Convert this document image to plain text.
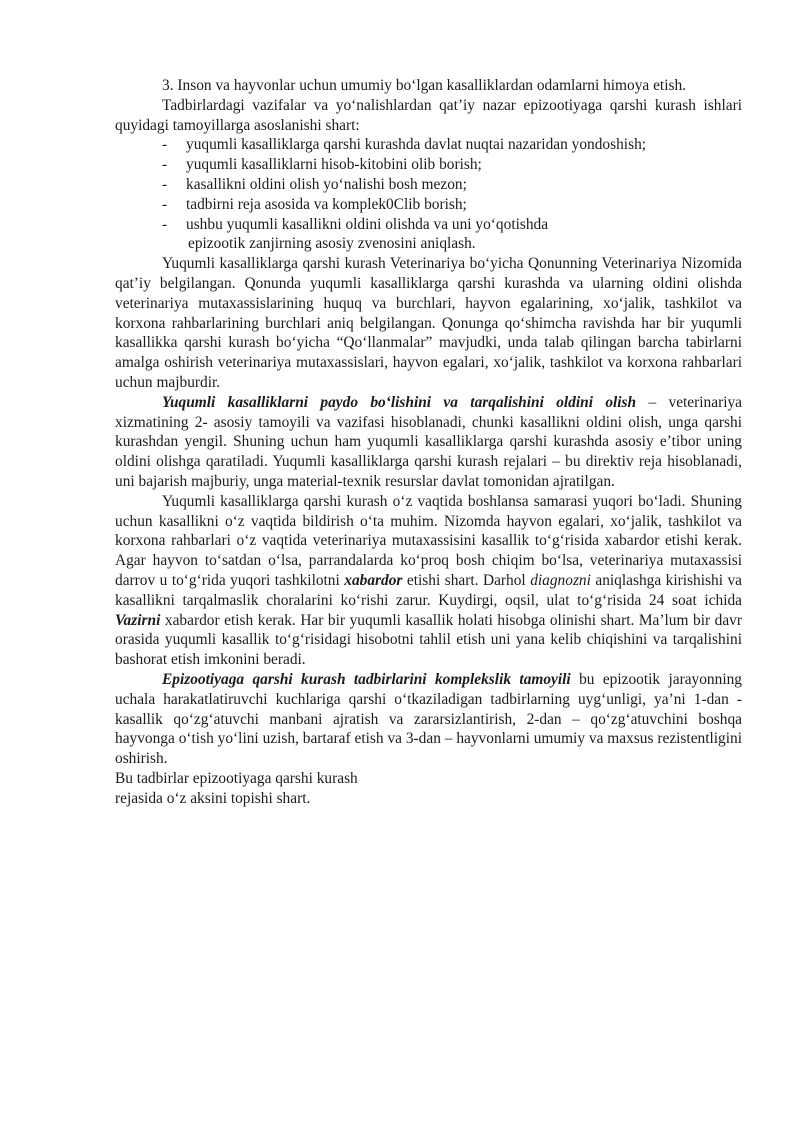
3. Inson va hayvonlar uchun umumiy bo‘lgan kasalliklardan odamlarni himoya etish.

Tadbirlardagi vazifalar va yo‘nalishlardan qat’iy nazar epizootiyaga qarshi kurash ishlari quyidagi tamoyillarga asoslanishi shart:

- yuqumli kasalliklarga qarshi kurashda davlat nuqtai nazaridan yondoshish;
- yuqumli kasalliklarni hisob-kitobini olib borish;
- kasallikni oldini olish yo‘nalishi bosh mezon;
- tadbirni reja asosida va komplek0Clib borish;
- ushbu yuqumli kasallikni oldini olishda va uni yo‘qotishda
epizootik zanjirning asosiy zvenosini aniqlash.

Yuqumli kasalliklarga qarshi kurash Veterinariya bo‘yicha Qonunning Veterinariya Nizomida qat’iy belgilangan. Qonunda yuqumli kasalliklarga qarshi kurashda va ularning oldini olishda veterinariya mutaxassislarining huquq va burchlari, hayvon egalarining, xo‘jalik, tashkilot va korxona rahbarlarining burchlari aniq belgilangan. Qonunga qo‘shimcha ravishda har bir yuqumli kasallikka qarshi kurash bo‘yicha “Qo‘llanmalar” mavjudki, unda talab qilingan barcha tabirlarni amalga oshirish veterinariya mutaxassislari, hayvon egalari, xo‘jalik, tashkilot va korxona rahbarlari uchun majburdir.

Yuqumli kasalliklarni paydo bo‘lishini va tarqalishini oldini olish – veterinariya xizmatining 2- asosiy tamoyili va vazifasi hisoblanadi, chunki kasallikni oldini olish, unga qarshi kurashdan yengil. Shuning uchun ham yuqumli kasalliklarga qarshi kurashda asosiy e’tibor uning oldini olishga qaratiladi. Yuqumli kasalliklarga qarshi kurash rejalari – bu direktiv reja hisoblanadi, uni bajarish majburiy, unga material-texnik resurslar davlat tomonidan ajratilgan.

Yuqumli kasalliklarga qarshi kurash o‘z vaqtida boshlansa samarasi yuqori bo‘ladi. Shuning uchun kasallikni o‘z vaqtida bildirish o‘ta muhim. Nizomda hayvon egalari, xo‘jalik, tashkilot va korxona rahbarlari o‘z vaqtida veterinariya mutaxassisini kasallik to‘g‘risida xabardor etishi kerak. Agar hayvon to‘satdan o‘lsa, parrandalarda ko‘proq bosh chiqim bo‘lsa, veterinariya mutaxassisi darrov u to‘g‘rida yuqori tashkilotni xabardor etishi shart. Darhol diagnozni aniqlashga kirishishi va kasallikni tarqalmaslik choralarini ko‘rishi zarur. Kuydirgi, oqsil, ulat to‘g‘risida 24 soat ichida Vazirni xabardor etish kerak. Har bir yuqumli kasallik holati hisobga olinishi shart. Ma’lum bir davr orasida yuqumli kasallik to‘g‘risidagi hisobotni tahlil etish uni yana kelib chiqishini va tarqalishini bashorat etish imkonini beradi.

Epizootiyaga qarshi kurash tadbirlarini komplekslik tamoyili bu epizootik jarayonning uchala harakatlatiruvchi kuchlariga qarshi o‘tkaziladigan tadbirlarning uyg‘unligi, ya’ni 1-dan - kasallik qo‘zg‘atuvchi manbani ajratish va zararsizlantirish, 2-dan – qo‘zg‘atuvchini boshqa hayvonga o‘tish yo‘lini uzish, bartaraf etish va 3-dan – hayvonlarni umumiy va maxsus rezistentligini oshirish.

Bu tadbirlar epizootiyaga qarshi kurash

rejasida o‘z aksini topishi shart.
